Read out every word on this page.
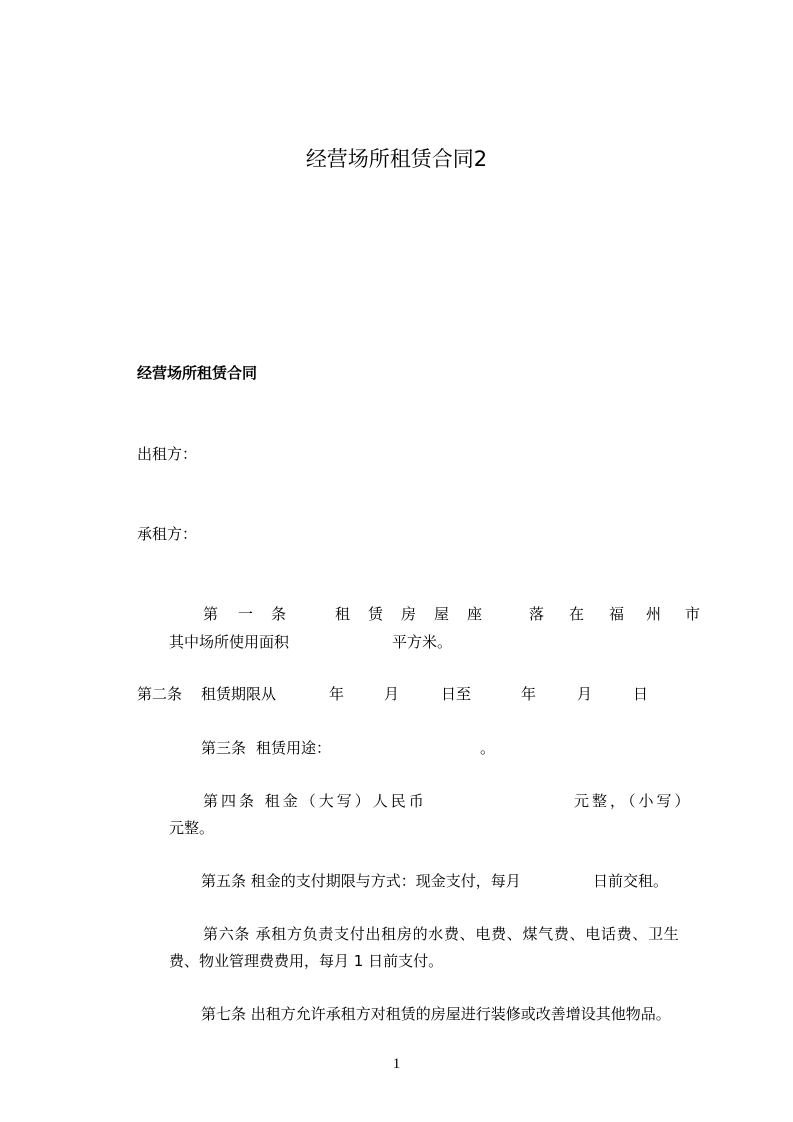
经营场所租赁合同2
经营场所租赁合同
出租方：
承租方：
第 一 条	租 赁 房 屋 座	落 在 福 州 市
其中场所使用面积	平方米。
第二条 租赁期限从	年	月	日至	年	月	日
第三条 租赁用途：	。
第四条 租金（大写）人民币	元整，（小写）
元整。
第五条 租金的支付期限与方式：现金支付，每月	日前交租。
第六条 承租方负责支付出租房的水费、电费、煤气费、电话费、卫生
费、物业管理费费用，每月 1 日前支付。
第七条 出租方允许承租方对租赁的房屋进行装修或改善增设其他物品。
1
